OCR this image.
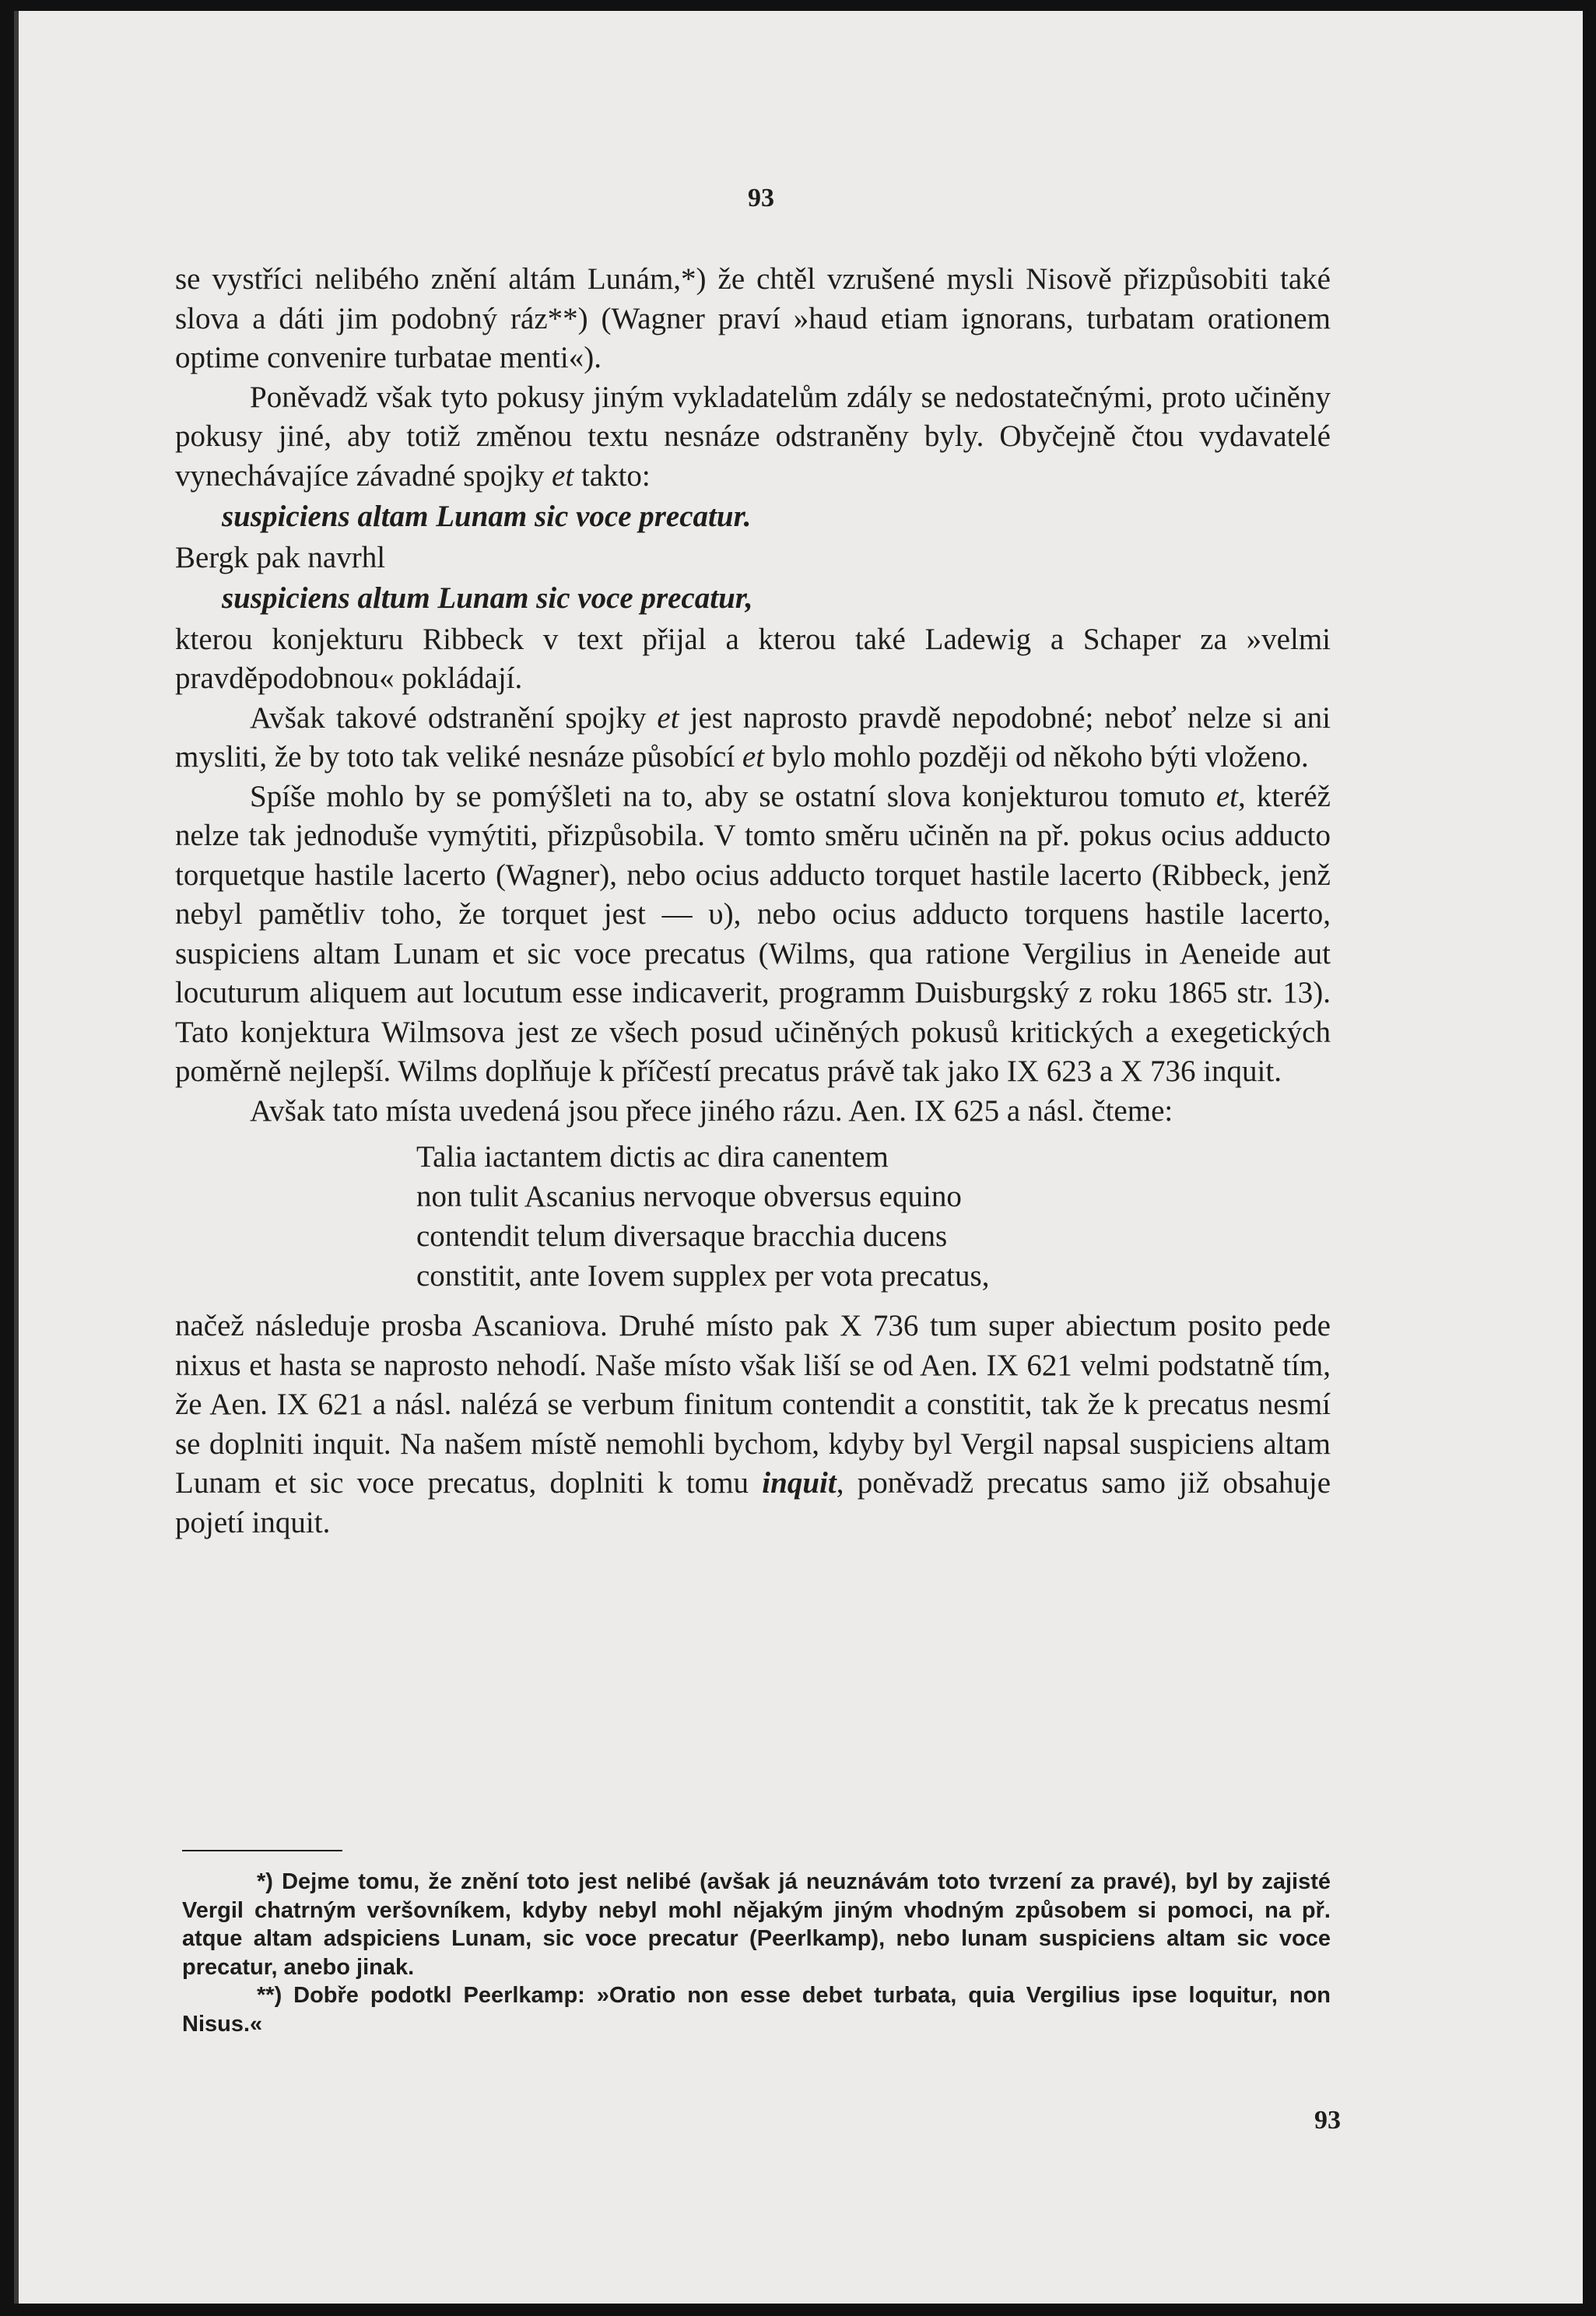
93

se vystříci nelibého znění altám Lunám,*) že chtěl vzrušené mysli Nisově přizpůsobiti také slova a dáti jim podobný ráz**) (Wagner praví »haud etiam ignorans, turbatam orationem optime convenire turbatae menti«).

Poněvadž však tyto pokusy jiným vykladatelům zdály se nedostatečnými, proto učiněny pokusy jiné, aby totiž změnou textu nesnáze odstraněny byly. Obyčejně čtou vydavatelé vynechávajíce závadné spojky et takto:

suspiciens altam Lunam sic voce precatur.

Bergk pak navrhl

suspiciens altum Lunam sic voce precatur,

kterou konjekturu Ribbeck v text přijal a kterou také Ladewig a Schaper za »velmi pravděpodobnou« pokládají.

Avšak takové odstranění spojky et jest naprosto pravdě nepodobné; neboť nelze si ani mysliti, že by toto tak veliké nesnáze působící et bylo mohlo později od někoho býti vloženo.

Spíše mohlo by se pomýšleti na to, aby se ostatní slova konjekturou tomuto et, kteréž nelze tak jednoduše vymýtiti, přizpůsobila. V tomto směru učiněn na př. pokus ocius adducto torquetque hastile lacerto (Wagner), nebo ocius adducto torquet hastile lacerto (Ribbeck, jenž nebyl pamětliv toho, že torquet jest — υ), nebo ocius adducto torquens hastile lacerto, suspiciens altam Lunam et sic voce precatus (Wilms, qua ratione Vergilius in Aeneide aut locuturum aliquem aut locutum esse indicaverit, programm Duisburgský z roku 1865 str. 13). Tato konjektura Wilmsova jest ze všech posud učiněných pokusů kritických a exegetických poměrně nejlepší. Wilms doplňuje k příčestí precatus právě tak jako IX 623 a X 736 inquit.

Avšak tato místa uvedená jsou přece jiného rázu. Aen. IX 625 a násl. čteme:

Talia iactantem dictis ac dira canentem
non tulit Ascanius nervoque obversus equino
contendit telum diversaque bracchia ducens
constitit, ante Iovem supplex per vota precatus,

načež následuje prosba Ascaniova. Druhé místo pak X 736 tum super abiectum posito pede nixus et hasta se naprosto nehodí. Naše místo však liší se od Aen. IX 621 velmi podstatně tím, že Aen. IX 621 a násl. nalézá se verbum finitum contendit a constitit, tak že k precatus nesmí se doplniti inquit. Na našem místě nemohli bychom, kdyby byl Vergil napsal suspiciens altam Lunam et sic voce precatus, doplniti k tomu inquit, poněvadž precatus samo již obsahuje pojetí inquit.

*) Dejme tomu, že znění toto jest nelibé (avšak já neuznávám toto tvrzení za pravé), byl by zajisté Vergil chatrným veršovníkem, kdyby nebyl mohl nějakým jiným vhodným způsobem si pomoci, na př. atque altam adspiciens Lunam, sic voce precatur (Peerlkamp), nebo lunam suspiciens altam sic voce precatur, anebo jinak.

**) Dobře podotkl Peerlkamp: »Oratio non esse debet turbata, quia Vergilius ipse loquitur, non Nisus.«

93
